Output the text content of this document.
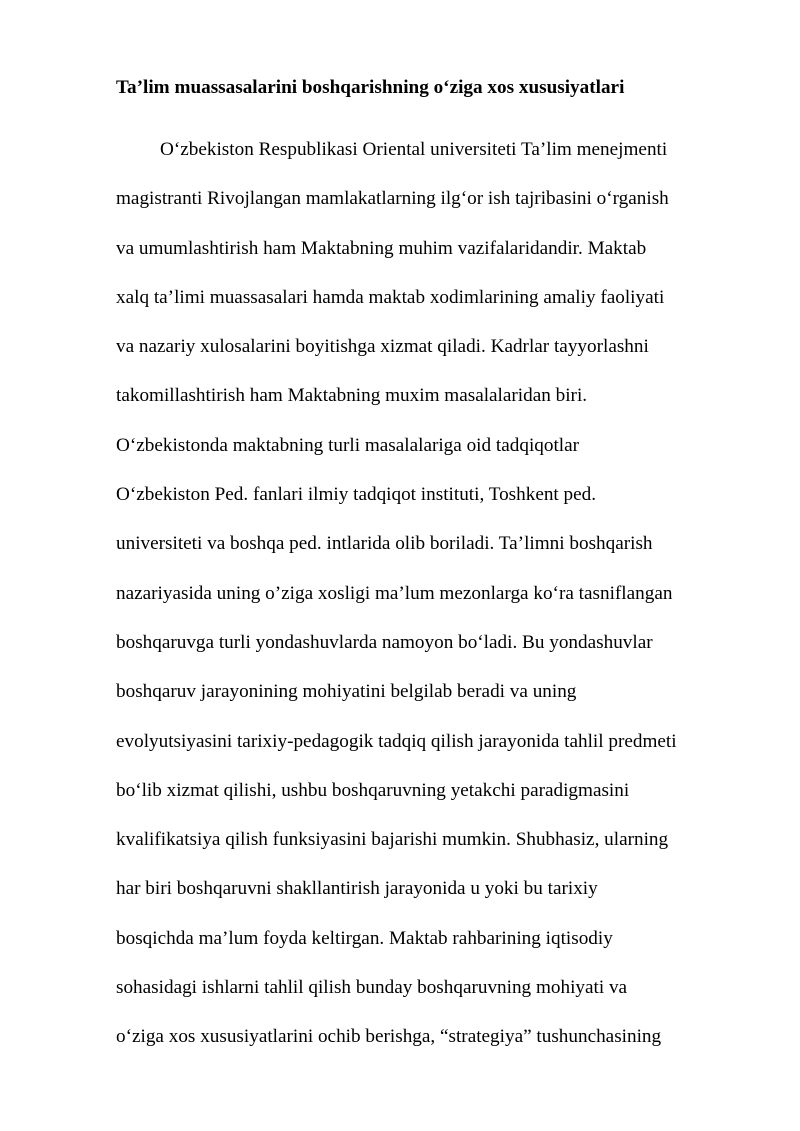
Ta’lim muassasalarini boshqarishning o‘ziga xos xususiyatlari
O‘zbekiston Respublikasi Oriental universiteti Ta’lim menejmenti
magistranti Rivojlangan mamlakatlarning ilg‘or ish tajribasini o‘rganish
va umumlashtirish ham Maktabning muhim vazifalaridandir. Maktab
xalq ta’limi muassasalari hamda maktab xodimlarining amaliy faoliyati
va nazariy xulosalarini boyitishga xizmat qiladi. Kadrlar tayyorlashni
takomillashtirish ham Maktabning muxim masalalaridan biri.
O‘zbekistonda maktabning turli masalalariga oid tadqiqotlar
O‘zbekiston Ped. fanlari ilmiy tadqiqot instituti, Toshkent ped.
universiteti va boshqa ped. intlarida olib boriladi. Ta’limni boshqarish
nazariyasida uning o’ziga xosligi ma’lum mezonlarga ko‘ra tasniflangan
boshqaruvga turli yondashuvlarda namoyon bo‘ladi. Bu yondashuvlar
boshqaruv jarayonining mohiyatini belgilab beradi va uning
evolyutsiyasini tarixiy-pedagogik tadqiq qilish jarayonida tahlil predmeti
bo‘lib xizmat qilishi, ushbu boshqaruvning yetakchi paradigmasini
kvalifikatsiya qilish funksiyasini bajarishi mumkin. Shubhasiz, ularning
har biri boshqaruvni shakllantirish jarayonida u yoki bu tarixiy
bosqichda ma’lum foyda keltirgan. Maktab rahbarining iqtisodiy
sohasidagi ishlarni tahlil qilish bunday boshqaruvning mohiyati va
o‘ziga xos xususiyatlarini ochib berishga, “strategiya” tushunchasining
